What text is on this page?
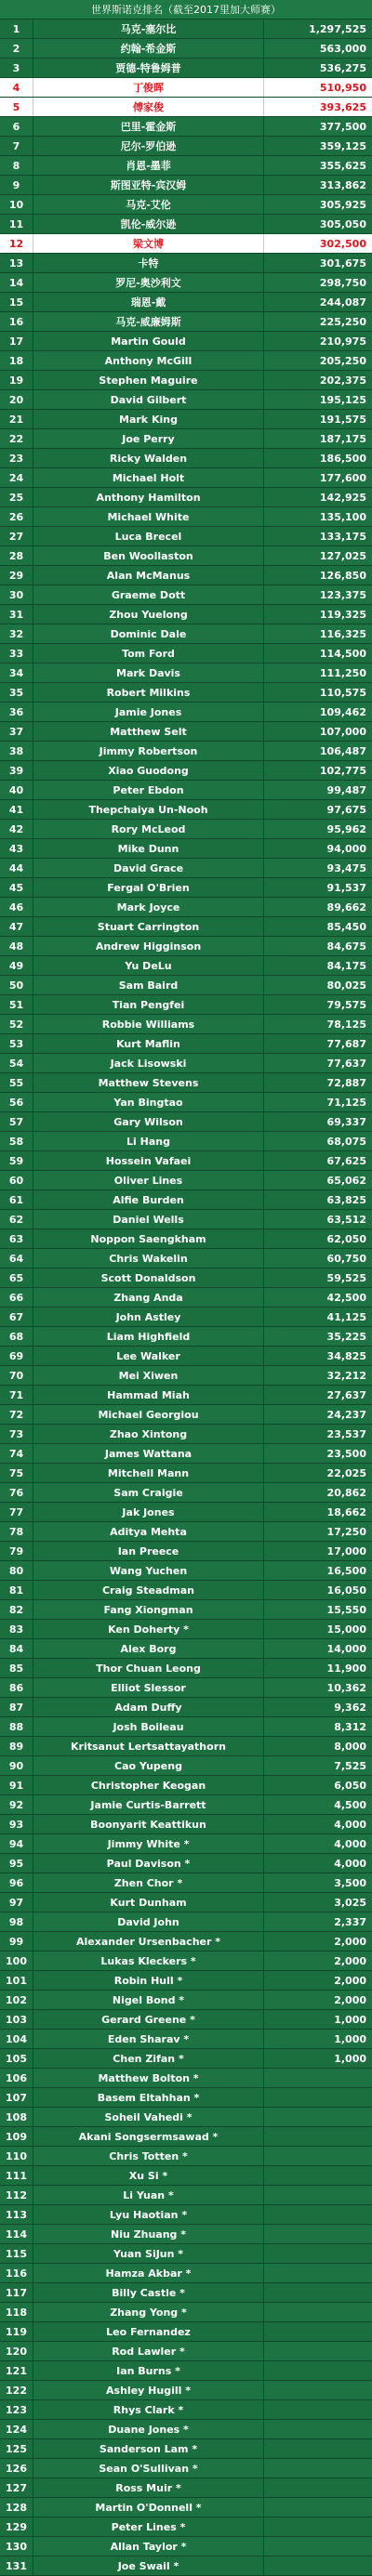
世界斯诺克排名（截至2017里加大师赛）
1	马克-塞尔比	1,297,525
2	约翰-希金斯	563,000
3	贾德-特鲁姆普	536,275
4	丁俊晖	510,950
5	傅家俊	393,625
6	巴里-霍金斯	377,500
7	尼尔-罗伯逊	359,125
8	肖恩-墨菲	355,625
9	斯图亚特-宾汉姆	313,862
10	马克-艾伦	305,925
11	凯伦-威尔逊	305,050
12	梁文博	302,500
13	卡特	301,675
14	罗尼-奥沙利文	298,750
15	瑞恩-戴	244,087
16	马克-威廉姆斯	225,250
17	Martin Gould	210,975
18	Anthony McGill	205,250
19	Stephen Maguire	202,375
20	David Gilbert	195,125
21	Mark King	191,575
22	Joe Perry	187,175
23	Ricky Walden	186,500
24	Michael Holt	177,600
25	Anthony Hamilton	142,925
26	Michael White	135,100
27	Luca Brecel	133,175
28	Ben Woollaston	127,025
29	Alan McManus	126,850
30	Graeme Dott	123,375
31	Zhou Yuelong	119,325
32	Dominic Dale	116,325
33	Tom Ford	114,500
34	Mark Davis	111,250
35	Robert Milkins	110,575
36	Jamie Jones	109,462
37	Matthew Selt	107,000
38	Jimmy Robertson	106,487
39	Xiao Guodong	102,775
40	Peter Ebdon	99,487
41	Thepchaiya Un-Nooh	97,675
42	Rory McLeod	95,962
43	Mike Dunn	94,000
44	David Grace	93,475
45	Fergal O'Brien	91,537
46	Mark Joyce	89,662
47	Stuart Carrington	85,450
48	Andrew Higginson	84,675
49	Yu DeLu	84,175
50	Sam Baird	80,025
51	Tian Pengfei	79,575
52	Robbie Williams	78,125
53	Kurt Maflin	77,687
54	Jack Lisowski	77,637
55	Matthew Stevens	72,887
56	Yan Bingtao	71,125
57	Gary Wilson	69,337
58	Li Hang	68,075
59	Hossein Vafaei	67,625
60	Oliver Lines	65,062
61	Alfie Burden	63,825
62	Daniel Wells	63,512
63	Noppon Saengkham	62,050
64	Chris Wakelin	60,750
65	Scott Donaldson	59,525
66	Zhang Anda	42,500
67	John Astley	41,125
68	Liam Highfield	35,225
69	Lee Walker	34,825
70	Mei Xiwen	32,212
71	Hammad Miah	27,637
72	Michael Georgiou	24,237
73	Zhao Xintong	23,537
74	James Wattana	23,500
75	Mitchell Mann	22,025
76	Sam Craigie	20,862
77	Jak Jones	18,662
78	Aditya Mehta	17,250
79	Ian Preece	17,000
80	Wang Yuchen	16,500
81	Craig Steadman	16,050
82	Fang Xiongman	15,550
83	Ken Doherty *	15,000
84	Alex Borg	14,000
85	Thor Chuan Leong	11,900
86	Elliot Slessor	10,362
87	Adam Duffy	9,362
88	Josh Boileau	8,312
89	Kritsanut Lertsattayathorn	8,000
90	Cao Yupeng	7,525
91	Christopher Keogan	6,050
92	Jamie Curtis-Barrett	4,500
93	Boonyarit Keattikun	4,000
94	Jimmy White *	4,000
95	Paul Davison *	4,000
96	Zhen Chor *	3,500
97	Kurt Dunham	3,025
98	David John	2,337
99	Alexander Ursenbacher *	2,000
100	Lukas Kleckers *	2,000
101	Robin Hull *	2,000
102	Nigel Bond *	2,000
103	Gerard Greene *	1,000
104	Eden Sharav *	1,000
105	Chen Zifan *	1,000
106	Matthew Bolton *
107	Basem Eltahhan *
108	Soheil Vahedi *
109	Akani Songsermsawad *
110	Chris Totten *
111	Xu Si *
112	Li Yuan *
113	Lyu Haotian *
114	Niu Zhuang *
115	Yuan SiJun *
116	Hamza Akbar *
117	Billy Castle *
118	Zhang Yong *
119	Leo Fernandez
120	Rod Lawler *
121	Ian Burns *
122	Ashley Hugill *
123	Rhys Clark *
124	Duane Jones *
125	Sanderson Lam *
126	Sean O'Sullivan *
127	Ross Muir *
128	Martin O'Donnell *
129	Peter Lines *
130	Allan Taylor *
131	Joe Swail *
